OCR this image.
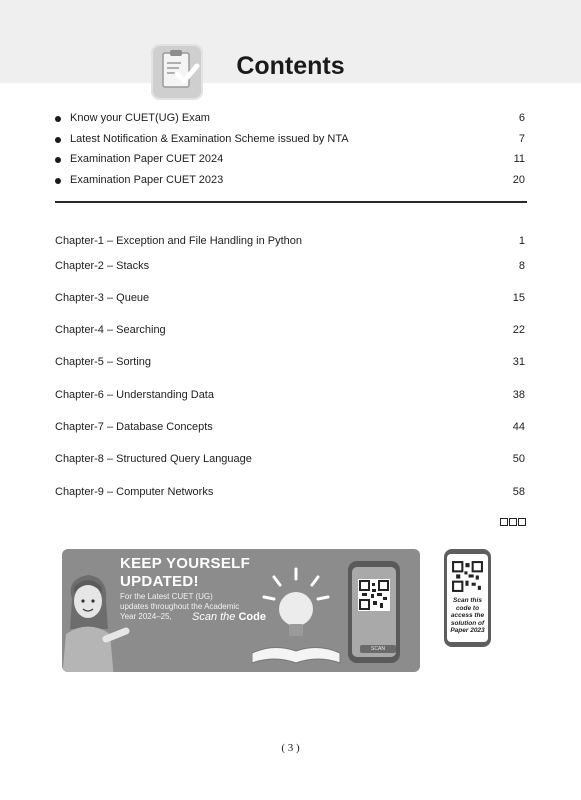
Contents
Know your CUET(UG) Exam	6
Latest Notification & Examination Scheme issued by NTA	7
Examination Paper CUET 2024	11
Examination Paper CUET 2023	20
Chapter-1 – Exception and File Handling in Python	1
Chapter-2 – Stacks	8
Chapter-3 – Queue	15
Chapter-4 – Searching	22
Chapter-5 – Sorting	31
Chapter-6 – Understanding Data	38
Chapter-7 – Database Concepts	44
Chapter-8 – Structured Query Language	50
Chapter-9 – Computer Networks	58
KEEP YOURSELF
UPDATED!
For the Latest CUET (UG) updates throughout the Academic Year 2024–25,	Scan the Code
SCAN
Scan this code to access the solution of Paper 2023
( 3 )
